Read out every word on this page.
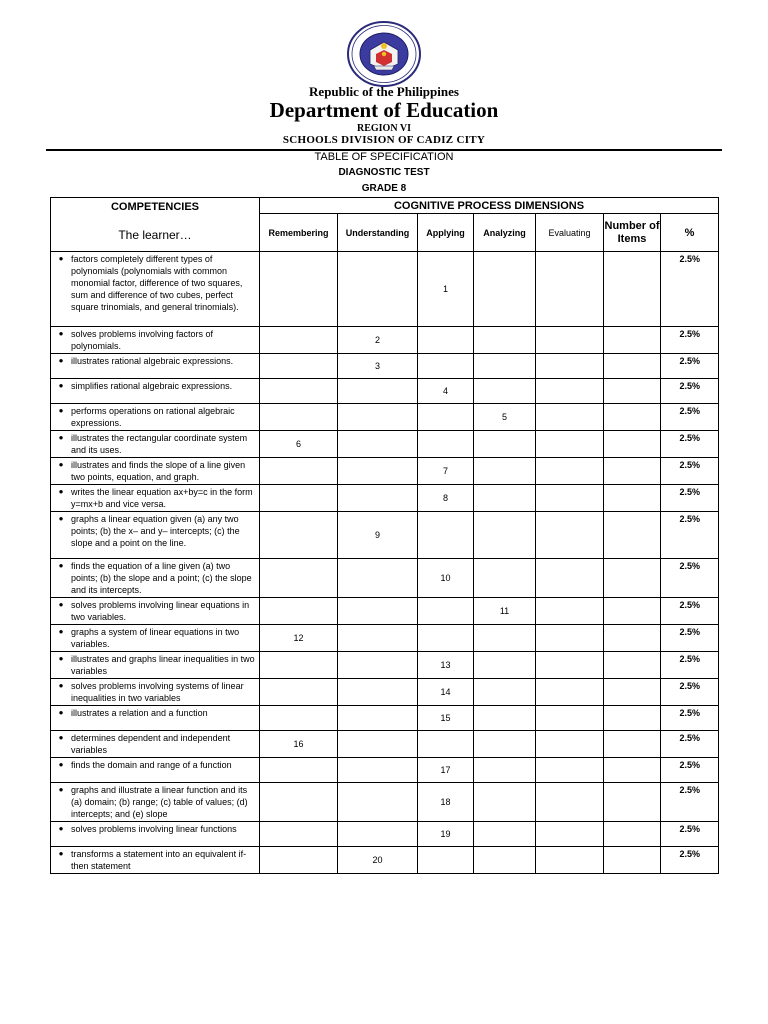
Republic of the Philippines
Department of Education
REGION VI
SCHOOLS DIVISION OF CADIZ CITY
TABLE OF SPECIFICATION
DIAGNOSTIC TEST
GRADE 8
COMPETENCIES
The learner…	COGNITIVE PROCESS DIMENSIONS						
	Remembering	Understanding	Applying	Analyzing	Evaluating	Number of Items	%

● factors completely different types of polynomials (polynomials with common monomial factor, difference of two squares, sum and difference of two cubes, perfect square trinomials, and general trinomials).			1				2.5%

● solves problems involving factors of polynomials.		2					2.5%

● illustrates rational algebraic expressions.		3					2.5%

● simplifies rational algebraic expressions.			4				2.5%

● performs operations on rational algebraic expressions.				5			2.5%

● illustrates the rectangular coordinate system and its uses.	6						2.5%

● illustrates and finds the slope of a line given two points, equation, and graph.			7				2.5%

● writes the linear equation ax+by=c in the form y=mx+b and vice versa.			8				2.5%

● graphs a linear equation given (a) any two points; (b) the x– and y– intercepts; (c) the slope and a point on the line.		9					2.5%

● finds the equation of a line given (a) two points; (b) the slope and a point; (c) the slope and its intercepts.			10				2.5%

● solves problems involving linear equations in two variables.				11			2.5%

● graphs a system of linear equations in two variables.	12						2.5%

● illustrates and graphs linear inequalities in two variables			13				2.5%

● solves problems involving systems of linear inequalities in two variables			14				2.5%

● illustrates a relation and a function			15				2.5%

● determines dependent and independent variables	16						2.5%

● finds the domain and range of a function			17				2.5%

● graphs and illustrate a linear function and its (a) domain; (b) range; (c) table of values; (d) intercepts; and (e) slope			18				2.5%

● solves problems involving linear functions			19				2.5%

● transforms a statement into an equivalent if-then statement		20					2.5%
